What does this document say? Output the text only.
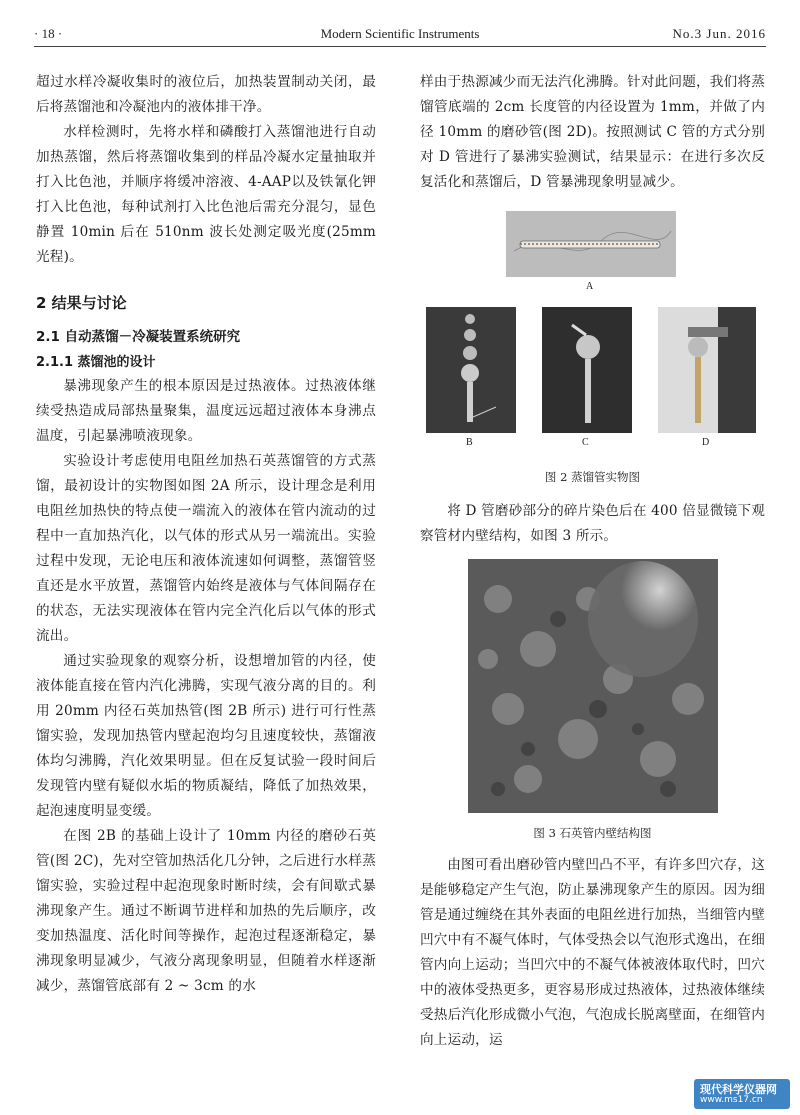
· 18 ·	Modern Scientific Instruments	No.3 Jun. 2016

超过水样冷凝收集时的液位后，加热装置制动关闭，最后将蒸馏池和冷凝池内的液体排干净。

水样检测时，先将水样和磷酸打入蒸馏池进行自动加热蒸馏，然后将蒸馏收集到的样品冷凝水定量抽取并打入比色池，并顺序将缓冲溶液、4-AAP以及铁氰化钾打入比色池，每种试剂打入比色池后需充分混匀，显色静置 10min 后在 510nm 波长处测定吸光度(25mm 光程)。

2 结果与讨论
2.1 自动蒸馏－冷凝装置系统研究
2.1.1 蒸馏池的设计

暴沸现象产生的根本原因是过热液体。过热液体继续受热造成局部热量聚集，温度远远超过液体本身沸点温度，引起暴沸喷液现象。

实验设计考虑使用电阻丝加热石英蒸馏管的方式蒸馏，最初设计的实物图如图 2A 所示，设计理念是利用电阻丝加热快的特点使一端流入的液体在管内流动的过程中一直加热汽化，以气体的形式从另一端流出。实验过程中发现，无论电压和液体流速如何调整，蒸馏管竖直还是水平放置，蒸馏管内始终是液体与气体间隔存在的状态，无法实现液体在管内完全汽化后以气体的形式流出。

通过实验现象的观察分析，设想增加管的内径，使液体能直接在管内汽化沸腾，实现气液分离的目的。利用 20mm 内径石英加热管(图 2B 所示) 进行可行性蒸馏实验，发现加热管内壁起泡均匀且速度较快，蒸馏液体均匀沸腾，汽化效果明显。但在反复试验一段时间后发现管内壁有疑似水垢的物质凝结，降低了加热效果，起泡速度明显变缓。

在图 2B 的基础上设计了 10mm 内径的磨砂石英管(图 2C)，先对空管加热活化几分钟，之后进行水样蒸馏实验，实验过程中起泡现象时断时续，会有间歇式暴沸现象产生。通过不断调节进样和加热的先后顺序，改变加热温度、活化时间等操作，起泡过程逐渐稳定，暴沸现象明显减少，气液分离现象明显，但随着水样逐渐减少，蒸馏管底部有 2 ~ 3cm 的水

样由于热源减少而无法汽化沸腾。针对此问题，我们将蒸馏管底端的 2cm 长度管的内径设置为 1mm，并做了内径 10mm 的磨砂管(图 2D)。按照测试 C 管的方式分别对 D 管进行了暴沸实验测试，结果显示：在进行多次反复活化和蒸馏后，D 管暴沸现象明显减少。

A
B	C	D
图 2 蒸馏管实物图

将 D 管磨砂部分的碎片染色后在 400 倍显微镜下观察管材内壁结构，如图 3 所示。

图 3 石英管内壁结构图

由图可看出磨砂管内壁凹凸不平，有许多凹穴存，这是能够稳定产生气泡，防止暴沸现象产生的原因。因为细管是通过缠绕在其外表面的电阻丝进行加热，当细管内壁凹穴中有不凝气体时，气体受热会以气泡形式逸出，在细管内向上运动；当凹穴中的不凝气体被液体取代时，凹穴中的液体受热更多，更容易形成过热液体，过热液体继续受热后汽化形成微小气泡，气泡成长脱离壁面，在细管内向上运动，运

现代科学仪器网
www.ms17.cn
